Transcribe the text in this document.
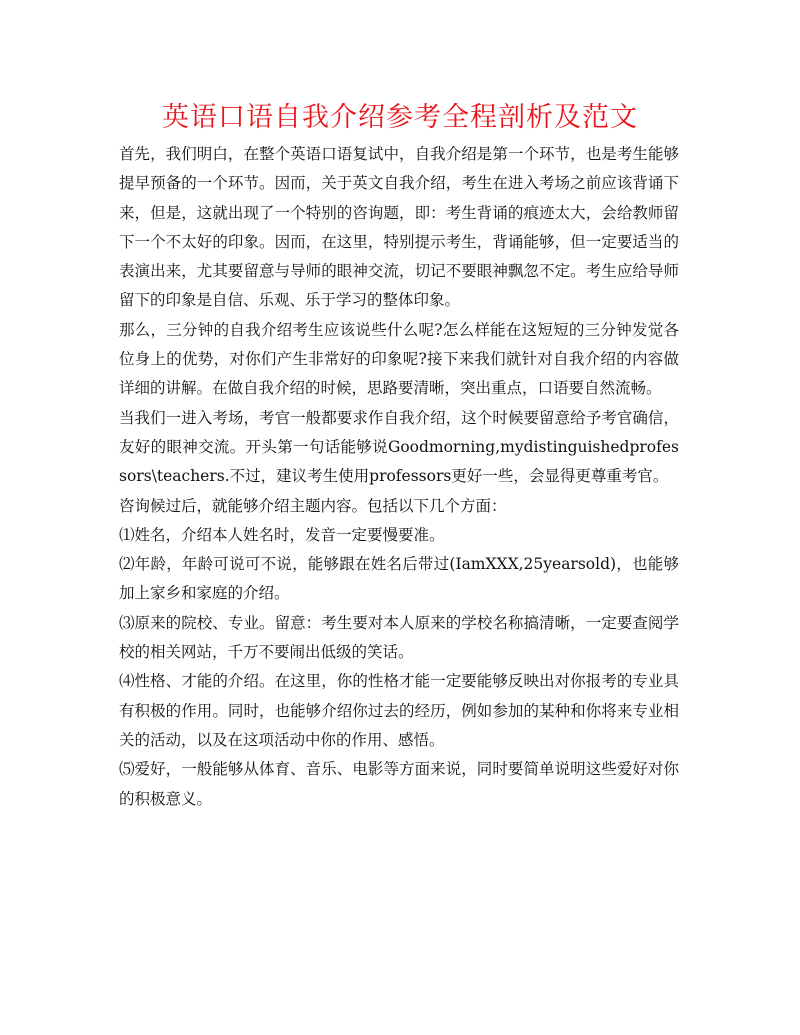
英语口语自我介绍参考全程剖析及范文

首先，我们明白，在整个英语口语复试中，自我介绍是第一个环节，也是考生能够提早预备的一个环节。因而，关于英文自我介绍，考生在进入考场之前应该背诵下来，但是，这就出现了一个特别的咨询题，即：考生背诵的痕迹太大，会给教师留下一个不太好的印象。因而，在这里，特别提示考生，背诵能够，但一定要适当的表演出来，尤其要留意与导师的眼神交流，切记不要眼神飘忽不定。考生应给导师留下的印象是自信、乐观、乐于学习的整体印象。

那么，三分钟的自我介绍考生应该说些什么呢?怎么样能在这短短的三分钟发觉各位身上的优势，对你们产生非常好的印象呢?接下来我们就针对自我介绍的内容做详细的讲解。在做自我介绍的时候，思路要清晰，突出重点，口语要自然流畅。

当我们一进入考场，考官一般都要求作自我介绍，这个时候要留意给予考官确信，友好的眼神交流。开头第一句话能够说Goodmorning,mydistinguishedprofessors\teachers.不过，建议考生使用professors更好一些，会显得更尊重考官。

咨询候过后，就能够介绍主题内容。包括以下几个方面：

⑴姓名，介绍本人姓名时，发音一定要慢要准。

⑵年龄，年龄可说可不说，能够跟在姓名后带过(IamXXX,25yearsold)，也能够加上家乡和家庭的介绍。

⑶原来的院校、专业。留意：考生要对本人原来的学校名称搞清晰，一定要查阅学校的相关网站，千万不要闹出低级的笑话。

⑷性格、才能的介绍。在这里，你的性格才能一定要能够反映出对你报考的专业具有积极的作用。同时，也能够介绍你过去的经历，例如参加的某种和你将来专业相关的活动，以及在这项活动中你的作用、感悟。

⑸爱好，一般能够从体育、音乐、电影等方面来说，同时要简单说明这些爱好对你的积极意义。
